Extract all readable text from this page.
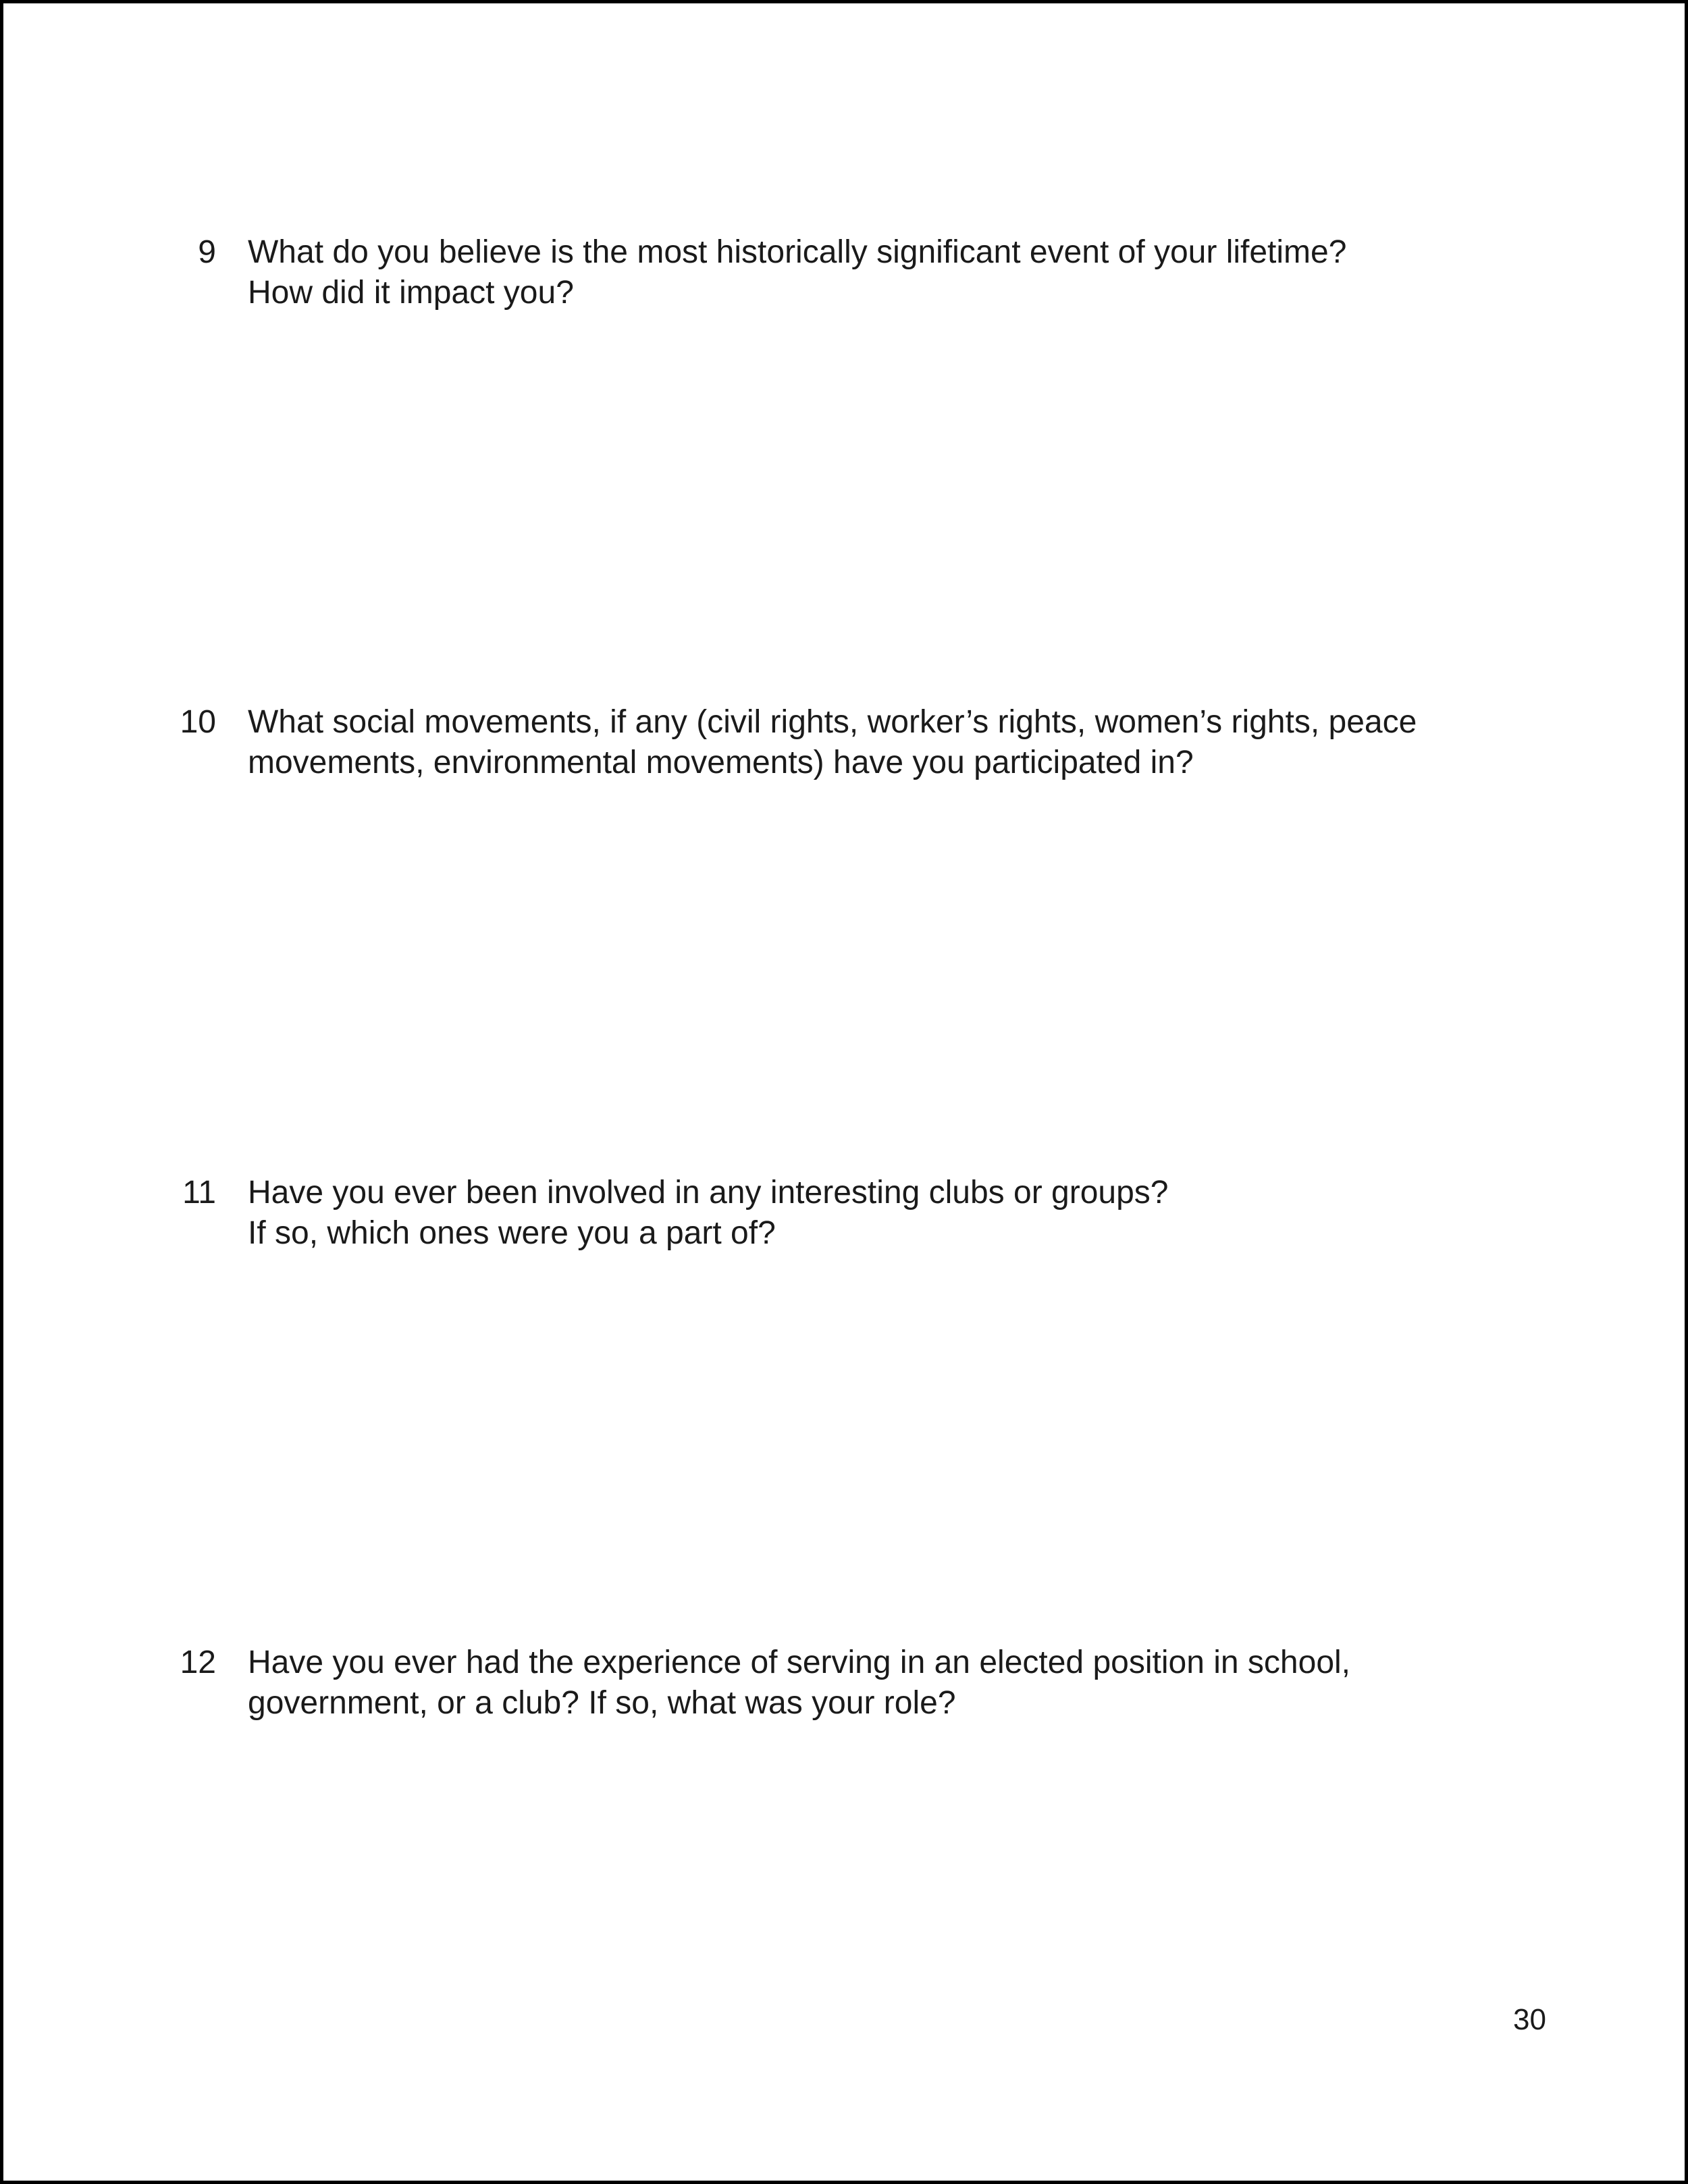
9 What do you believe is the most historically significant event of your lifetime?
How did it impact you?
10 What social movements, if any (civil rights, worker’s rights, women’s rights, peace
movements, environmental movements) have you participated in?
11 Have you ever been involved in any interesting clubs or groups?
If so, which ones were you a part of?
12 Have you ever had the experience of serving in an elected position in school,
government, or a club? If so, what was your role?
30
